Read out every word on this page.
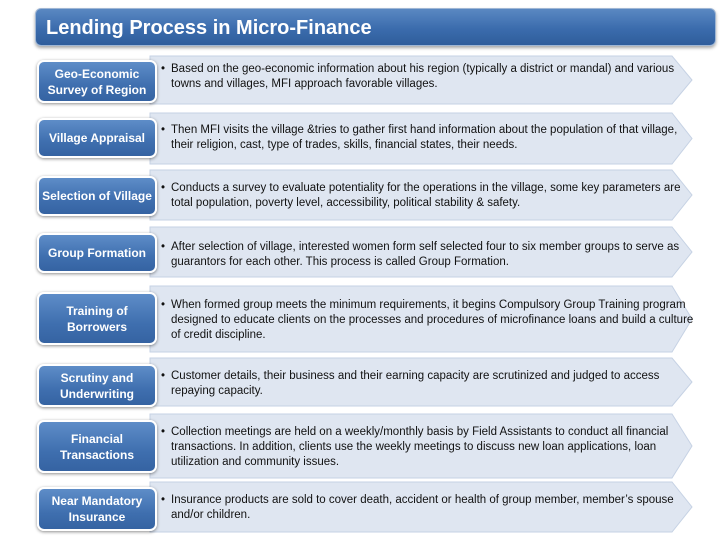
Lending Process in Micro-Finance
Geo-Economic
Survey of Region
• Based on the geo-economic information about his region (typically a district or mandal) and various towns and villages, MFI approach favorable villages.
Village Appraisal
• Then MFI visits the village &tries to gather first hand information about the population of that village, their religion, cast, type of trades, skills, financial states, their needs.
Selection of Village
• Conducts a survey to evaluate potentiality for the operations in the village, some key parameters are total population, poverty level, accessibility, political stability & safety.
Group Formation • After selection of village, interested women form self selected four to six member groups to serve as guarantors for each other. This process is called Group Formation.
Training of
Borrowers
• When formed group meets the minimum requirements, it begins Compulsory Group Training program designed to educate clients on the processes and procedures of microfinance loans and build a culture of credit discipline.
Scrutiny and
Underwriting
• Customer details, their business and their earning capacity are scrutinized and judged to access repaying capacity.
Financial
Transactions
• Collection meetings are held on a weekly/monthly basis by Field Assistants to conduct all financial transactions. In addition, clients use the weekly meetings to discuss new loan applications, loan utilization and community issues.
Near Mandatory
Insurance
• Insurance products are sold to cover death, accident or health of group member, member’s spouse and/or children.
